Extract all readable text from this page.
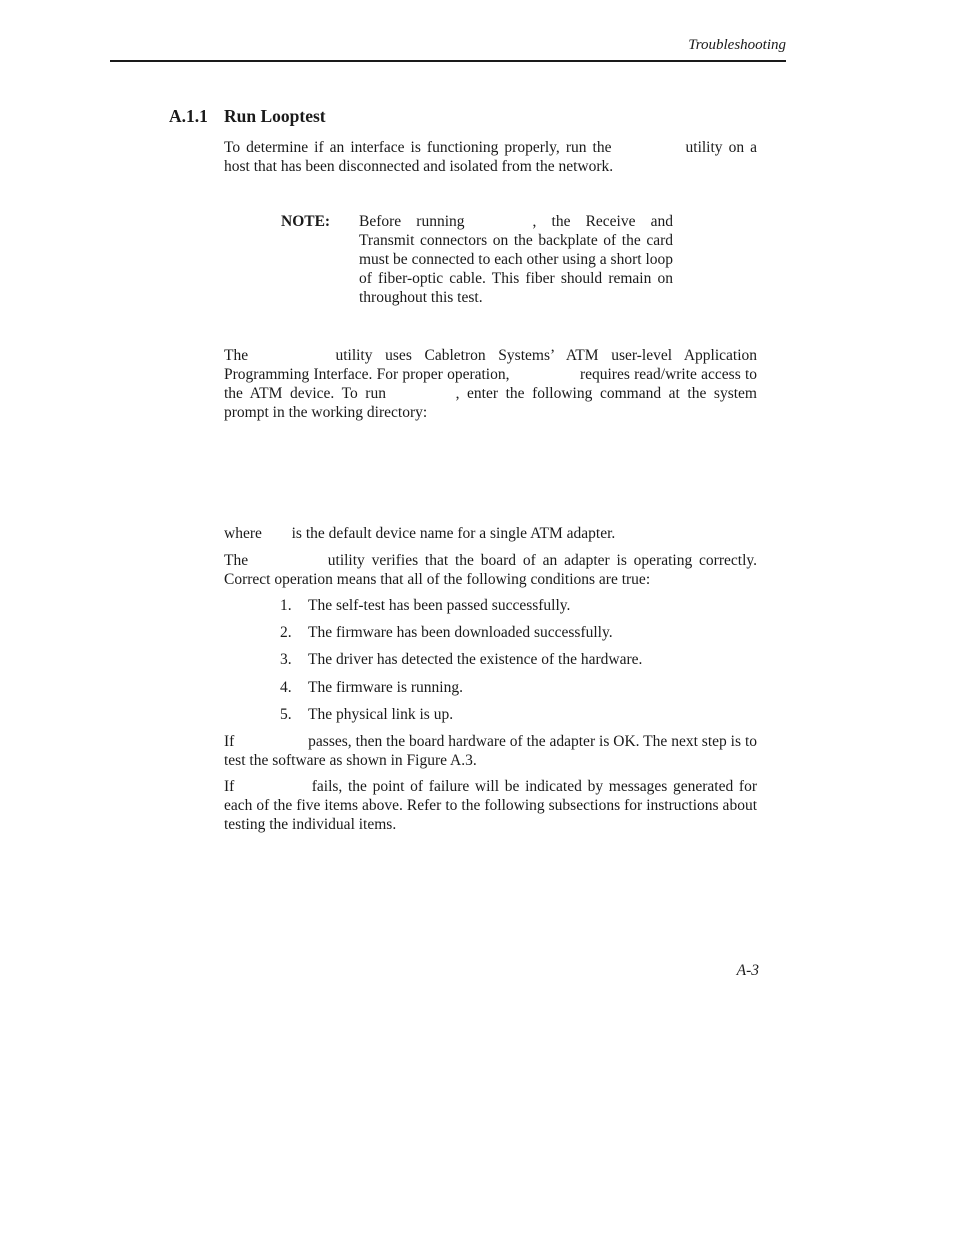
Troubleshooting
A.1.1 Run Looptest

To determine if an interface is functioning properly, run the	utility on a host that has been disconnected and isolated from the network.

NOTE: Before running	, the Receive and Transmit connectors on the backplate of the card must be connected to each other using a short loop of fiber-optic cable. This fiber should remain on throughout this test.

The	utility uses Cabletron Systems’ ATM user-level Application Programming Interface. For proper operation,	requires read/write access to the ATM device. To run	, enter the following command at the system prompt in the working directory:

where is the default device name for a single ATM adapter.

The	utility verifies that the board of an adapter is operating correctly. Correct operation means that all of the following conditions are true:

1. The self-test has been passed successfully.
2. The firmware has been downloaded successfully.
3. The driver has detected the existence of the hardware.
4. The firmware is running.
5. The physical link is up.

If	passes, then the board hardware of the adapter is OK. The next step is to test the software as shown in Figure A.3.

If	fails, the point of failure will be indicated by messages generated for each of the five items above. Refer to the following subsections for instructions about testing the individual items.

A-3
